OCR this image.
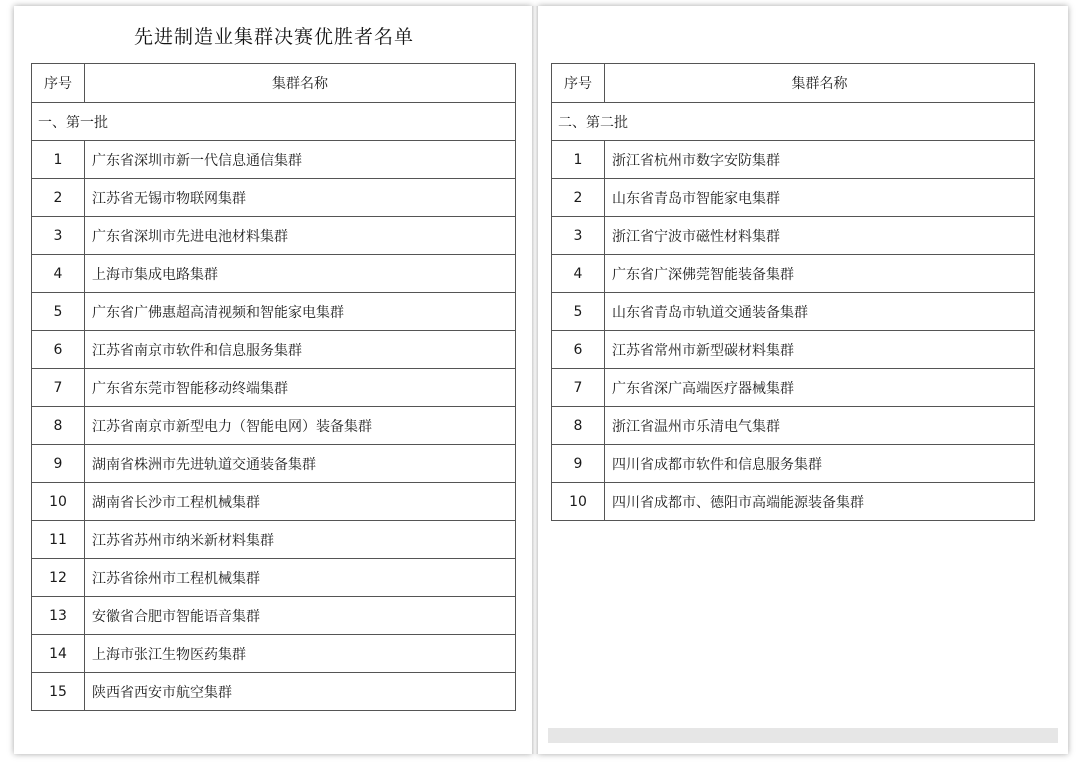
先进制造业集群决赛优胜者名单
序号	集群名称
一、第一批	
1	广东省深圳市新一代信息通信集群
2	江苏省无锡市物联网集群
3	广东省深圳市先进电池材料集群
4	上海市集成电路集群
5	广东省广佛惠超高清视频和智能家电集群
6	江苏省南京市软件和信息服务集群
7	广东省东莞市智能移动终端集群
8	江苏省南京市新型电力（智能电网）装备集群
9	湖南省株洲市先进轨道交通装备集群
10	湖南省长沙市工程机械集群
11	江苏省苏州市纳米新材料集群
12	江苏省徐州市工程机械集群
13	安徽省合肥市智能语音集群
14	上海市张江生物医药集群
15	陕西省西安市航空集群
序号	集群名称
二、第二批	
1	浙江省杭州市数字安防集群
2	山东省青岛市智能家电集群
3	浙江省宁波市磁性材料集群
4	广东省广深佛莞智能装备集群
5	山东省青岛市轨道交通装备集群
6	江苏省常州市新型碳材料集群
7	广东省深广高端医疗器械集群
8	浙江省温州市乐清电气集群
9	四川省成都市软件和信息服务集群
10	四川省成都市、德阳市高端能源装备集群
